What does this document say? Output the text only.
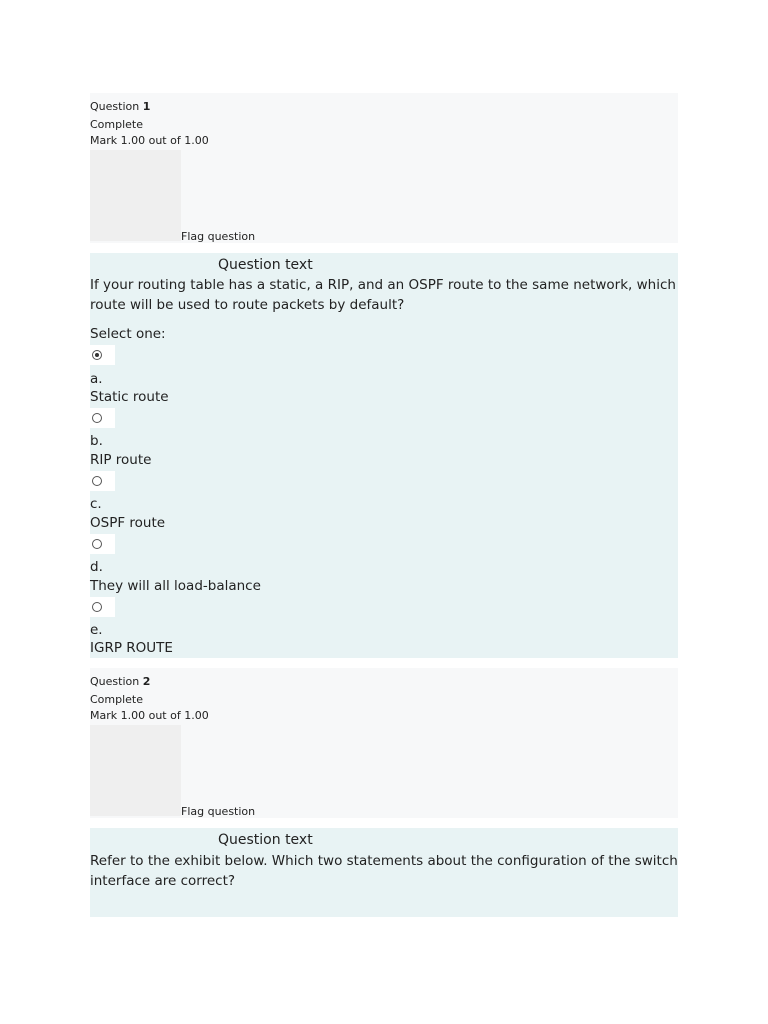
Question 1
Complete
Mark 1.00 out of 1.00
Flag question
Question text
If your routing table has a static, a RIP, and an OSPF route to the same network, which route will be used to route packets by default?
Select one:
a.
Static route
b.
RIP route
c.
OSPF route
d.
They will all load-balance
e.
IGRP ROUTE
Question 2
Complete
Mark 1.00 out of 1.00
Flag question
Question text
Refer to the exhibit below. Which two statements about the configuration of the switch interface are correct?
